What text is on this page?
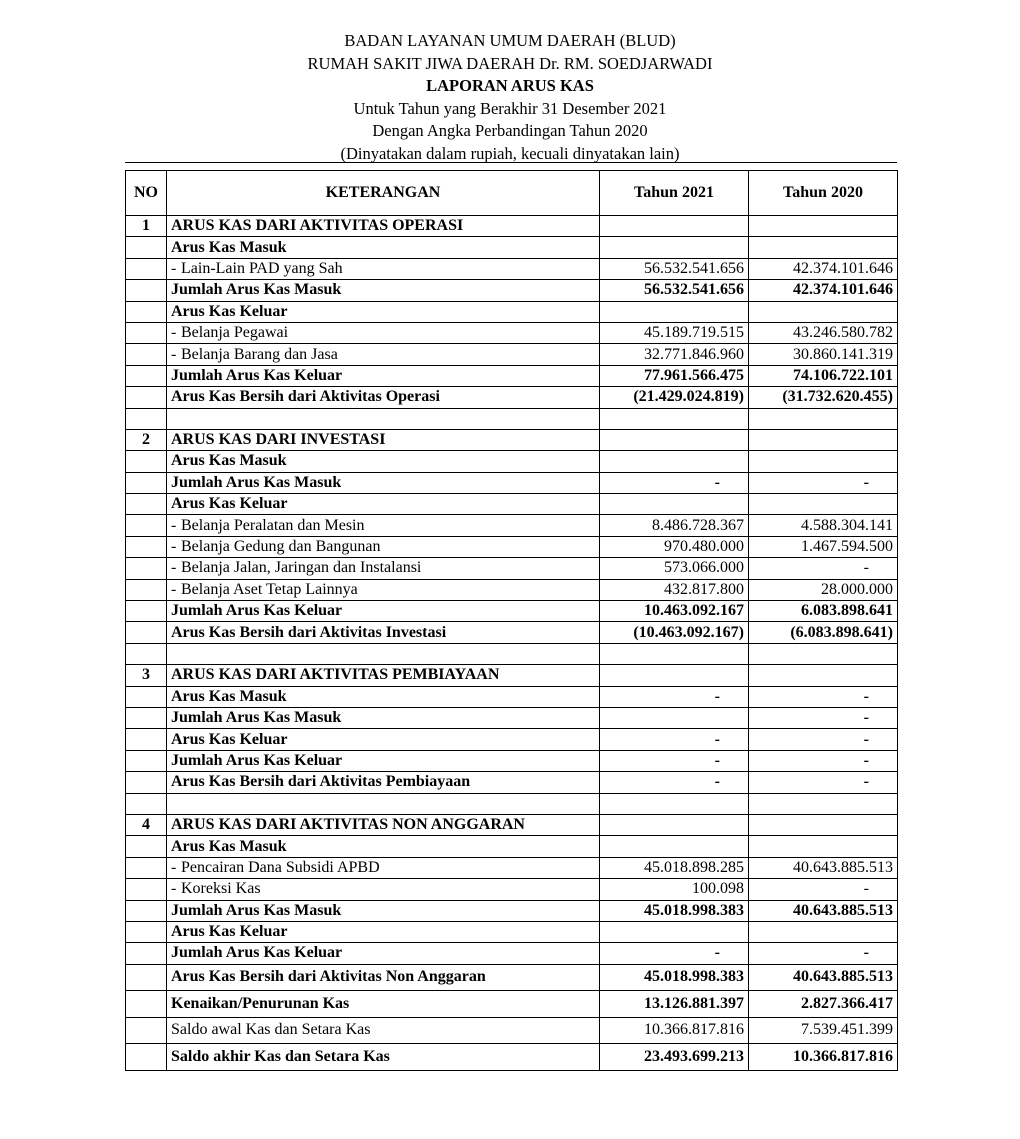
BADAN LAYANAN UMUM DAERAH (BLUD)
RUMAH SAKIT JIWA DAERAH Dr. RM. SOEDJARWADI
LAPORAN ARUS KAS
Untuk Tahun yang Berakhir 31 Desember 2021
Dengan Angka Perbandingan Tahun 2020
(Dinyatakan dalam rupiah, kecuali dinyatakan lain)
NO	KETERANGAN	Tahun 2021	Tahun 2020
1	ARUS KAS DARI AKTIVITAS OPERASI		
	Arus Kas Masuk		
	- Lain-Lain PAD yang Sah	56.532.541.656	42.374.101.646
	Jumlah Arus Kas Masuk	56.532.541.656	42.374.101.646
	Arus Kas Keluar		
	- Belanja Pegawai	45.189.719.515	43.246.580.782
	- Belanja Barang dan Jasa	32.771.846.960	30.860.141.319
	Jumlah Arus Kas Keluar	77.961.566.475	74.106.722.101
	Arus Kas Bersih dari Aktivitas Operasi	(21.429.024.819)	(31.732.620.455)

2	ARUS KAS DARI INVESTASI		
	Arus Kas Masuk		
	Jumlah Arus Kas Masuk	-	-
	Arus Kas Keluar		
	- Belanja Peralatan dan Mesin	8.486.728.367	4.588.304.141
	- Belanja Gedung dan Bangunan	970.480.000	1.467.594.500
	- Belanja Jalan, Jaringan dan Instalansi	573.066.000	-
	- Belanja Aset Tetap Lainnya	432.817.800	28.000.000
	Jumlah Arus Kas Keluar	10.463.092.167	6.083.898.641
	Arus Kas Bersih dari Aktivitas Investasi	(10.463.092.167)	(6.083.898.641)

3	ARUS KAS DARI AKTIVITAS PEMBIAYAAN		
	Arus Kas Masuk	-	-
	Jumlah Arus Kas Masuk		-
	Arus Kas Keluar	-	-
	Jumlah Arus Kas Keluar	-	-
	Arus Kas Bersih dari Aktivitas Pembiayaan	-	-

4	ARUS KAS DARI AKTIVITAS NON ANGGARAN		
	Arus Kas Masuk		
	- Pencairan Dana Subsidi APBD	45.018.898.285	40.643.885.513
	- Koreksi Kas	100.098	-
	Jumlah Arus Kas Masuk	45.018.998.383	40.643.885.513
	Arus Kas Keluar		
	Jumlah Arus Kas Keluar	-	-
	Arus Kas Bersih dari Aktivitas Non Anggaran	45.018.998.383	40.643.885.513
	Kenaikan/Penurunan Kas	13.126.881.397	2.827.366.417
	Saldo awal Kas dan Setara Kas	10.366.817.816	7.539.451.399
	Saldo akhir Kas dan Setara Kas	23.493.699.213	10.366.817.816
